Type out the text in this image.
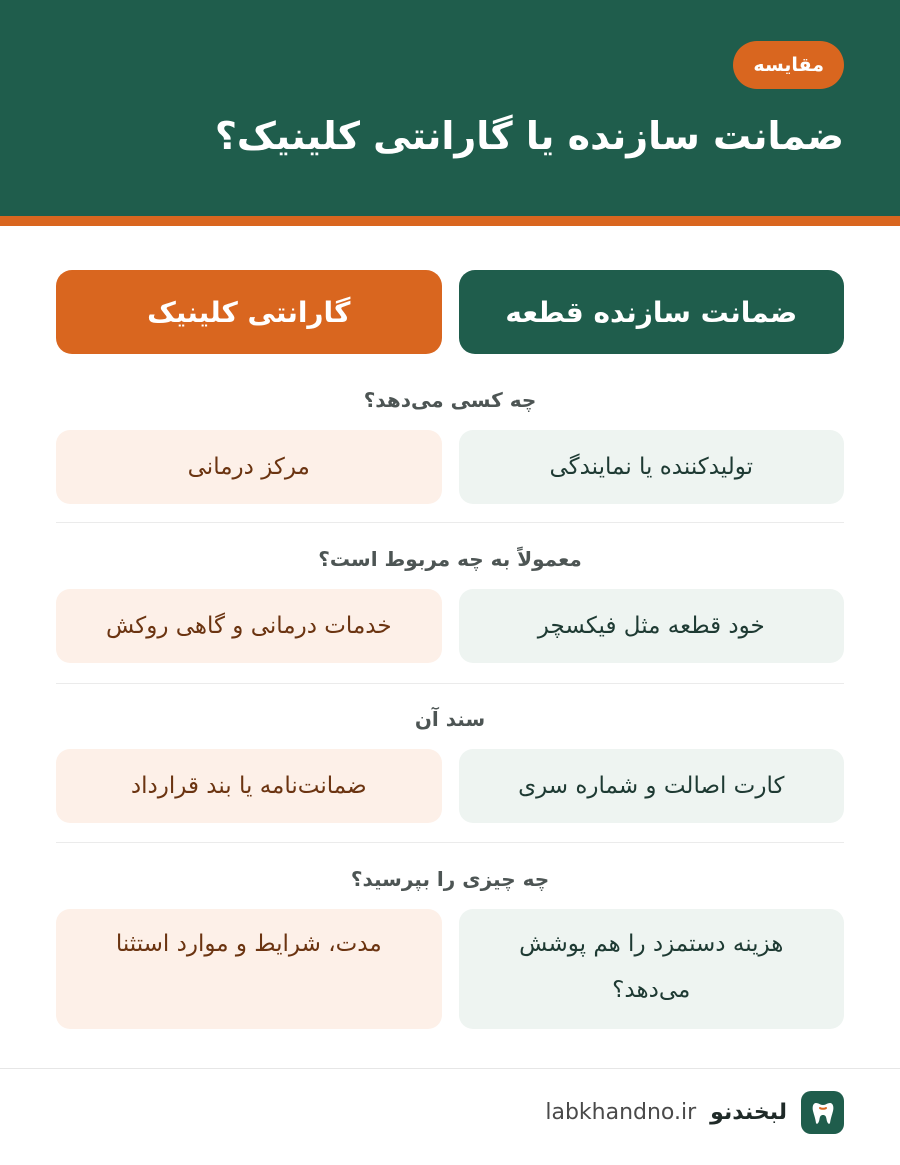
مقایسه
ضمانت سازنده یا گارانتی کلینیک؟
ضمانت سازنده قطعه
گارانتی کلینیک
چه کسی می‌دهد؟
تولیدکننده یا نمایندگی
مرکز درمانی
معمولاً به چه مربوط است؟
خود قطعه مثل فیکسچر
خدمات درمانی و گاهی روکش
سند آن
کارت اصالت و شماره سری
ضمانت‌نامه یا بند قرارداد
چه چیزی را بپرسید؟
هزینه دستمزد را هم پوشش می‌دهد؟
مدت، شرایط و موارد استثنا
لبخندنو
labkhandno.ir
